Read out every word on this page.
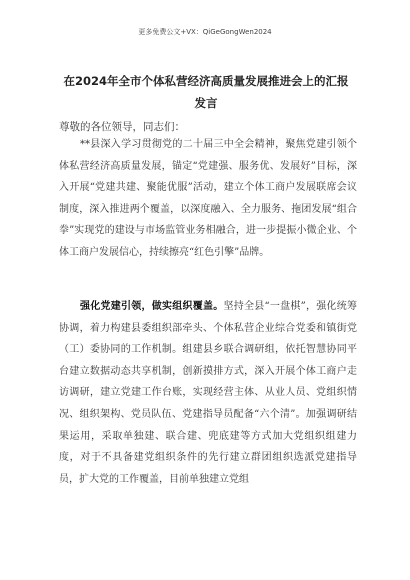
更多免费公文+VX：QiGeGongWen2024
在2024年全市个体私营经济高质量发展推进会上的汇报发言
尊敬的各位领导，同志们：

**县深入学习贯彻党的二十届三中全会精神，聚焦党建引领个体私营经济高质量发展，锚定“党建强、服务优、发展好”目标，深入开展“党建共建、聚能优服”活动，建立个体工商户发展联席会议制度，深入推进两个覆盖，以深度融入、全力服务、拖团发展“组合拳”实现党的建设与市场监管业务相融合，进一步提振小微企业、个体工商户发展信心，持续擦亮“红色引擎”品牌。

强化党建引领，做实组织覆盖。坚持全县“一盘棋”，强化统筹协调，着力构建县委组织部牵头、个体私营企业综合党委和镇街党（工）委协同的工作机制。组建县乡联合调研组，依托智慧协同平台建立数据动态共享机制，创新摸排方式，深入开展个体工商户走访调研，建立党建工作台账，实现经营主体、从业人员、党组织情况、组织架构、党员队伍、党建指导员配备“六个清”。加强调研结果运用，采取单独建、联合建、兜底建等方式加大党组织组建力度，对于不具备建党组织条件的先行建立群团组织选派党建指导员，扩大党的工作覆盖，目前单独建立党组
